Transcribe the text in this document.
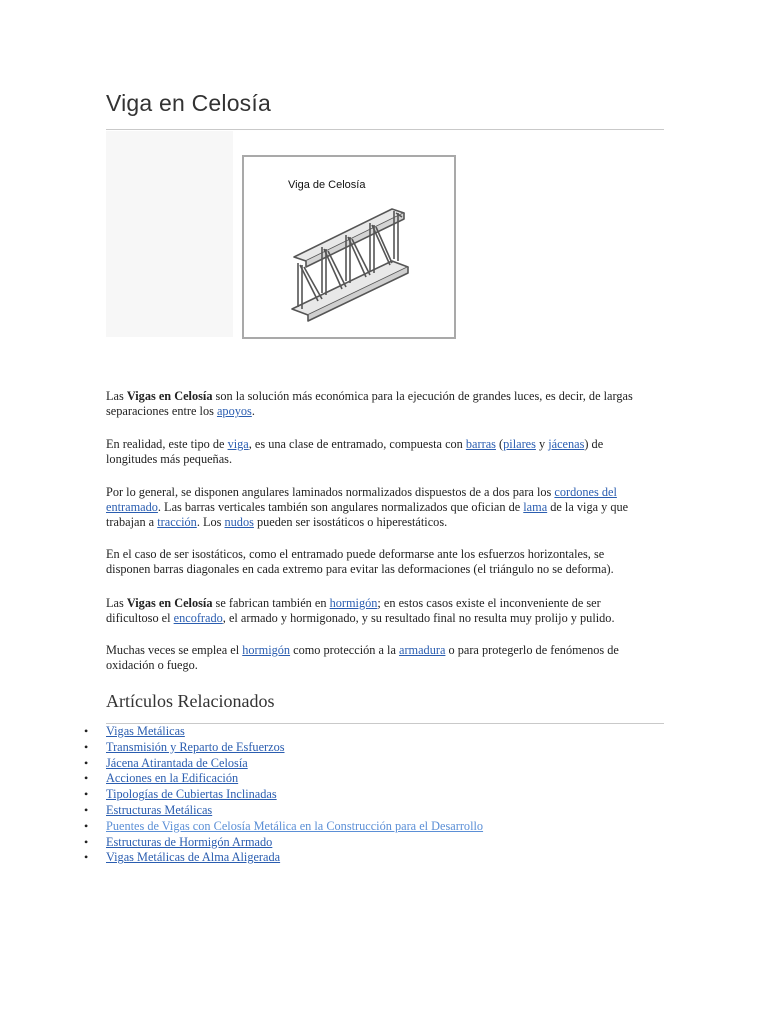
Viga en Celosía
Viga de Celosía

Las Vigas en Celosía son la solución más económica para la ejecución de grandes luces, es decir, de largas separaciones entre los apoyos.

En realidad, este tipo de viga, es una clase de entramado, compuesta con barras (pilares y jácenas) de longitudes más pequeñas.

Por lo general, se disponen angulares laminados normalizados dispuestos de a dos para los cordones del entramado. Las barras verticales también son angulares normalizados que ofician de lama de la viga y que trabajan a tracción. Los nudos pueden ser isostáticos o hiperestáticos.

En el caso de ser isostáticos, como el entramado puede deformarse ante los esfuerzos horizontales, se disponen barras diagonales en cada extremo para evitar las deformaciones (el triángulo no se deforma).

Las Vigas en Celosía se fabrican también en hormigón; en estos casos existe el inconveniente de ser dificultoso el encofrado, el armado y hormigonado, y su resultado final no resulta muy prolijo y pulido.

Muchas veces se emplea el hormigón como protección a la armadura o para protegerlo de fenómenos de oxidación o fuego.

Artículos Relacionados
• Vigas Metálicas
• Transmisión y Reparto de Esfuerzos
• Jácena Atirantada de Celosía
• Acciones en la Edificación
• Tipologías de Cubiertas Inclinadas
• Estructuras Metálicas
• Puentes de Vigas con Celosía Metálica en la Construcción para el Desarrollo
• Estructuras de Hormigón Armado
• Vigas Metálicas de Alma Aligerada
